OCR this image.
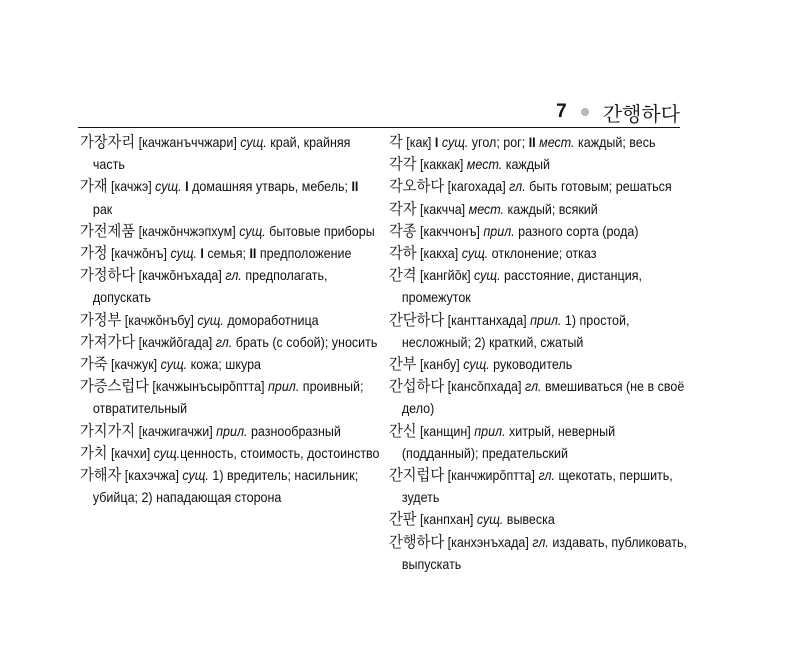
7 간행하다
가장자리 [качжанъччжари] сущ. край, крайняя часть
가재 [качжэ] сущ. I домашняя утварь, мебель; II рак
가전제품 [качжŏнчжэпхум] сущ. бытовые приборы
가정 [качжŏнъ] сущ. I семья; II предположение
가정하다 [качжŏнъхада] гл. предполагать, допускать
가정부 [качжŏнъбу] сущ. домоработница
가져가다 [качжйŏгада] гл. брать (с собой); уносить
가죽 [качжук] сущ. кожа; шкура
가증스럽다 [качжынъсырŏптта] прил. проивный; отвратительный
가지가지 [качжигачжи] прил. разнообразный
가치 [качхи] сущ.ценность, стоимость, достоинство
가해자 [кахэчжа] сущ. 1) вредитель; насильник; убийца; 2) нападающая сторона
각 [как] I сущ. угол; рог; II мест. каждый; весь
각각 [каккак] мест. каждый
각오하다 [кагохада] гл. быть готовым; решаться
각자 [какчча] мест. каждый; всякий
각종 [какччонъ] прил. разного сорта (рода)
각하 [какха] сущ. отклонение; отказ
간격 [кангйŏк] сущ. расстояние, дистанция, промежуток
간단하다 [канттанхада] прил. 1) простой, несложный; 2) краткий, сжатый
간부 [канбу] сущ. руководитель
간섭하다 [кансŏпхада] гл. вмешиваться (не в своё дело)
간신 [канщин] прил. хитрый, неверный (подданный); предательский
간지럽다 [канчжирŏптта] гл. щекотать, першить, зудеть
간판 [канпхан] сущ. вывеска
간행하다 [канхэнъхада] гл. издавать, публиковать, выпускать
